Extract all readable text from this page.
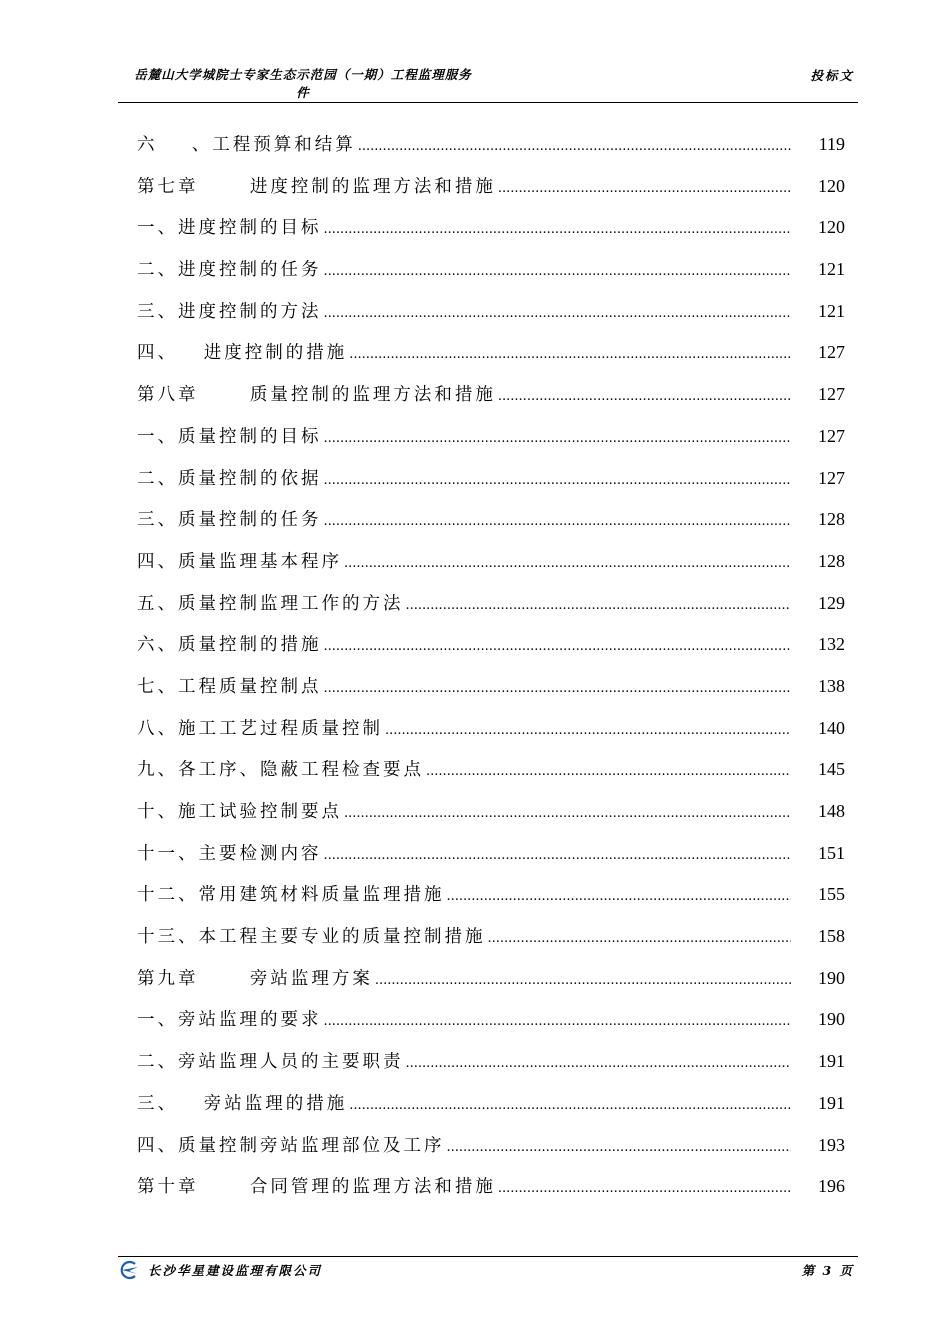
岳麓山大学城院士专家生态示范园（一期）工程监理服务
件
投标文
六    、工程预算和结算 .....	119
第七章      进度控制的监理方法和措施 .....	120
一、进度控制的目标 .....	120
二、进度控制的任务 .....	121
三、进度控制的方法 .....	121
四、   进度控制的措施 .....	127
第八章      质量控制的监理方法和措施 .....	127
一、质量控制的目标 .....	127
二、质量控制的依据 .....	127
三、质量控制的任务 .....	128
四、质量监理基本程序 .....	128
五、质量控制监理工作的方法 .....	129
六、质量控制的措施 .....	132
七、工程质量控制点 .....	138
八、施工工艺过程质量控制 .....	140
九、各工序、隐蔽工程检查要点 .....	145
十、施工试验控制要点 .....	148
十一、主要检测内容 .....	151
十二、常用建筑材料质量监理措施 .....	155
十三、本工程主要专业的质量控制措施 .....	158
第九章      旁站监理方案 .....	190
一、旁站监理的要求 .....	190
二、旁站监理人员的主要职责 .....	191
三、   旁站监理的措施 .....	191
四、质量控制旁站监理部位及工序 .....	193
第十章      合同管理的监理方法和措施 .....	196
长沙华星建设监理有限公司	第 3 页
